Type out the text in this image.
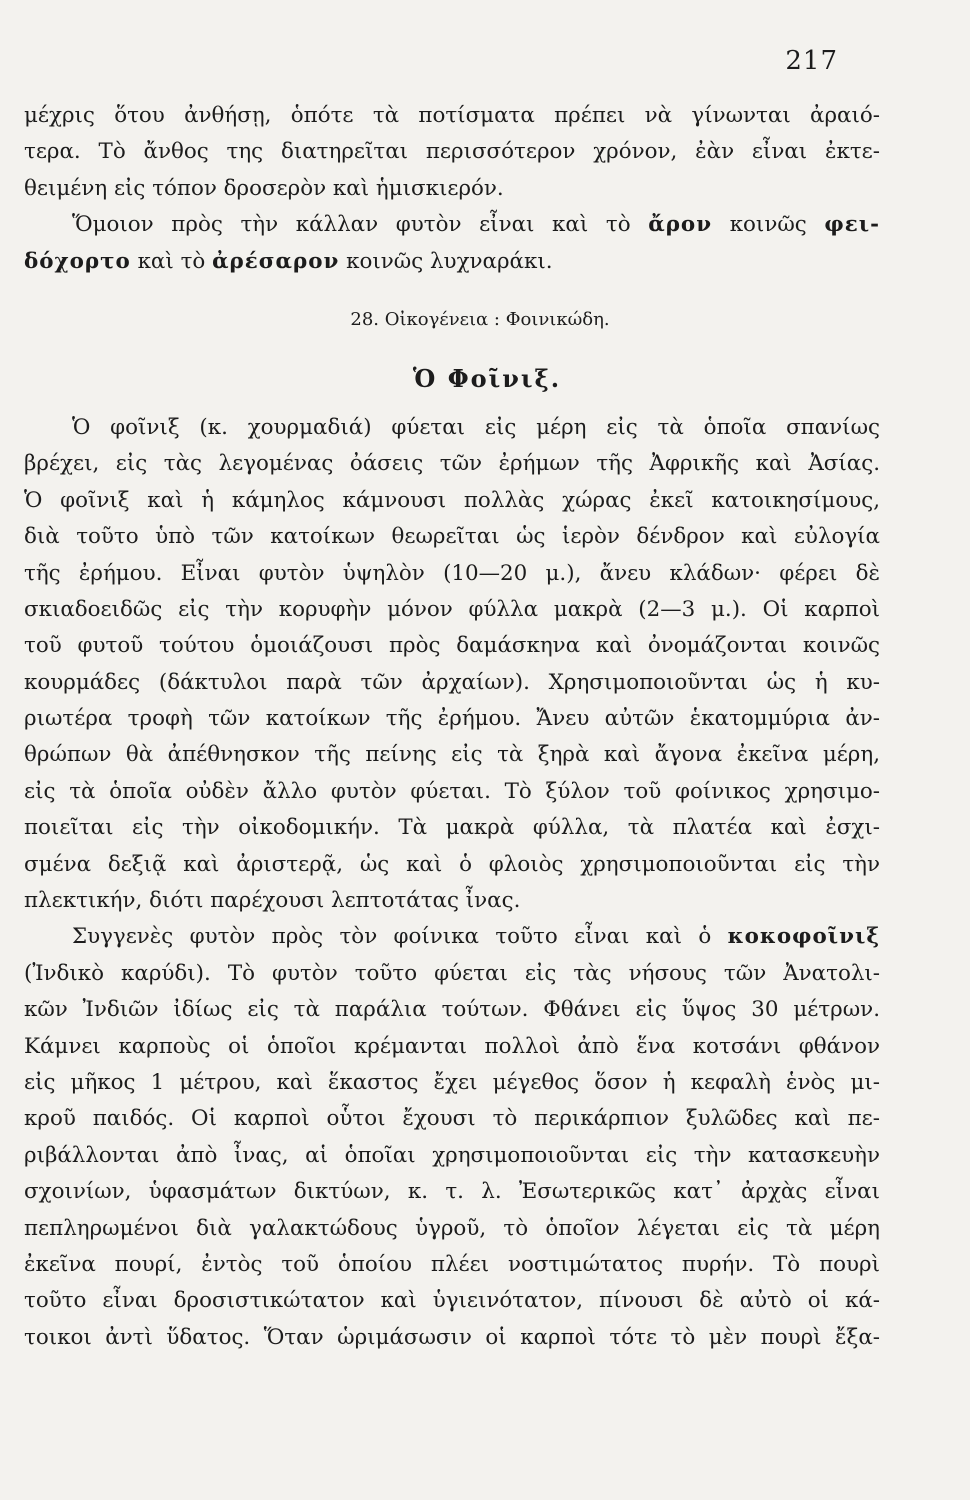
217
μέχρις ὅτου ἀνθήσῃ, ὁπότε τὰ ποτίσματα πρέπει νὰ γίνωνται ἀραιό-
τερα. Τὸ ἄνθος της διατηρεῖται περισσότερον χρόνον, ἐὰν εἶναι ἐκτε-
θειμένη εἰς τόπον δροσερὸν καὶ ἡμισκιερόν.
Ὅμοιον πρὸς τὴν κάλλαν φυτὸν εἶναι καὶ τὸ ἄρον κοινῶς φει-
δόχορτο καὶ τὸ ἀρέσαρον κοινῶς λυχναράκι.
28. Οἰκογένεια : Φοινικώδη.
Ὁ Φοῖνιξ.
Ὁ φοῖνιξ (κ. χουρμαδιά) φύεται εἰς μέρη εἰς τὰ ὁποῖα σπανίως
βρέχει, εἰς τὰς λεγομένας ὀάσεις τῶν ἐρήμων τῆς Ἀφρικῆς καὶ Ἀσίας.
Ὁ φοῖνιξ καὶ ἡ κάμηλος κάμνουσι πολλὰς χώρας ἐκεῖ κατοικησίμους,
διὰ τοῦτο ὑπὸ τῶν κατοίκων θεωρεῖται ὡς ἱερὸν δένδρον καὶ εὐλογία
τῆς ἐρήμου. Εἶναι φυτὸν ὑψηλὸν (10—20 μ.), ἄνευ κλάδων· φέρει δὲ
σκιαδοειδῶς εἰς τὴν κορυφὴν μόνον φύλλα μακρὰ (2—3 μ.). Οἱ καρποὶ
τοῦ φυτοῦ τούτου ὁμοιάζουσι πρὸς δαμάσκηνα καὶ ὀνομάζονται κοινῶς
κουρμάδες (δάκτυλοι παρὰ τῶν ἀρχαίων). Χρησιμοποιοῦνται ὡς ἡ κυ-
ριωτέρα τροφὴ τῶν κατοίκων τῆς ἐρήμου. Ἄνευ αὐτῶν ἑκατομμύρια ἀν-
θρώπων θὰ ἀπέθνησκον τῆς πείνης εἰς τὰ ξηρὰ καὶ ἄγονα ἐκεῖνα μέρη,
εἰς τὰ ὁποῖα οὐδὲν ἄλλο φυτὸν φύεται. Τὸ ξύλον τοῦ φοίνικος χρησιμο-
ποιεῖται εἰς τὴν οἰκοδομικήν. Τὰ μακρὰ φύλλα, τὰ πλατέα καὶ ἐσχι-
σμένα δεξιᾷ καὶ ἀριστερᾷ, ὡς καὶ ὁ φλοιὸς χρησιμοποιοῦνται εἰς τὴν
πλεκτικήν, διότι παρέχουσι λεπτοτάτας ἶνας.
Συγγενὲς φυτὸν πρὸς τὸν φοίνικα τοῦτο εἶναι καὶ ὁ κοκοφοῖνιξ
(Ἰνδικὸ καρύδι). Τὸ φυτὸν τοῦτο φύεται εἰς τὰς νήσους τῶν Ἀνατολι-
κῶν Ἰνδιῶν ἰδίως εἰς τὰ παράλια τούτων. Φθάνει εἰς ὕψος 30 μέτρων.
Κάμνει καρποὺς οἱ ὁποῖοι κρέμανται πολλοὶ ἀπὸ ἕνα κοτσάνι φθάνον
εἰς μῆκος 1 μέτρου, καὶ ἕκαστος ἔχει μέγεθος ὅσον ἡ κεφαλὴ ἑνὸς μι-
κροῦ παιδός. Οἱ καρποὶ οὗτοι ἔχουσι τὸ περικάρπιον ξυλῶδες καὶ πε-
ριβάλλονται ἀπὸ ἶνας, αἱ ὁποῖαι χρησιμοποιοῦνται εἰς τὴν κατασκευὴν
σχοινίων, ὑφασμάτων δικτύων, κ. τ. λ. Ἐσωτερικῶς κατ᾽ ἀρχὰς εἶναι
πεπληρωμένοι διὰ γαλακτώδους ὑγροῦ, τὸ ὁποῖον λέγεται εἰς τὰ μέρη
ἐκεῖνα πουρί, ἐντὸς τοῦ ὁποίου πλέει νοστιμώτατος πυρήν. Τὸ πουρὶ
τοῦτο εἶναι δροσιστικώτατον καὶ ὑγιεινότατον, πίνουσι δὲ αὐτὸ οἱ κά-
τοικοι ἀντὶ ὕδατος. Ὅταν ὡριμάσωσιν οἱ καρποὶ τότε τὸ μὲν πουρὶ ἔξα-
